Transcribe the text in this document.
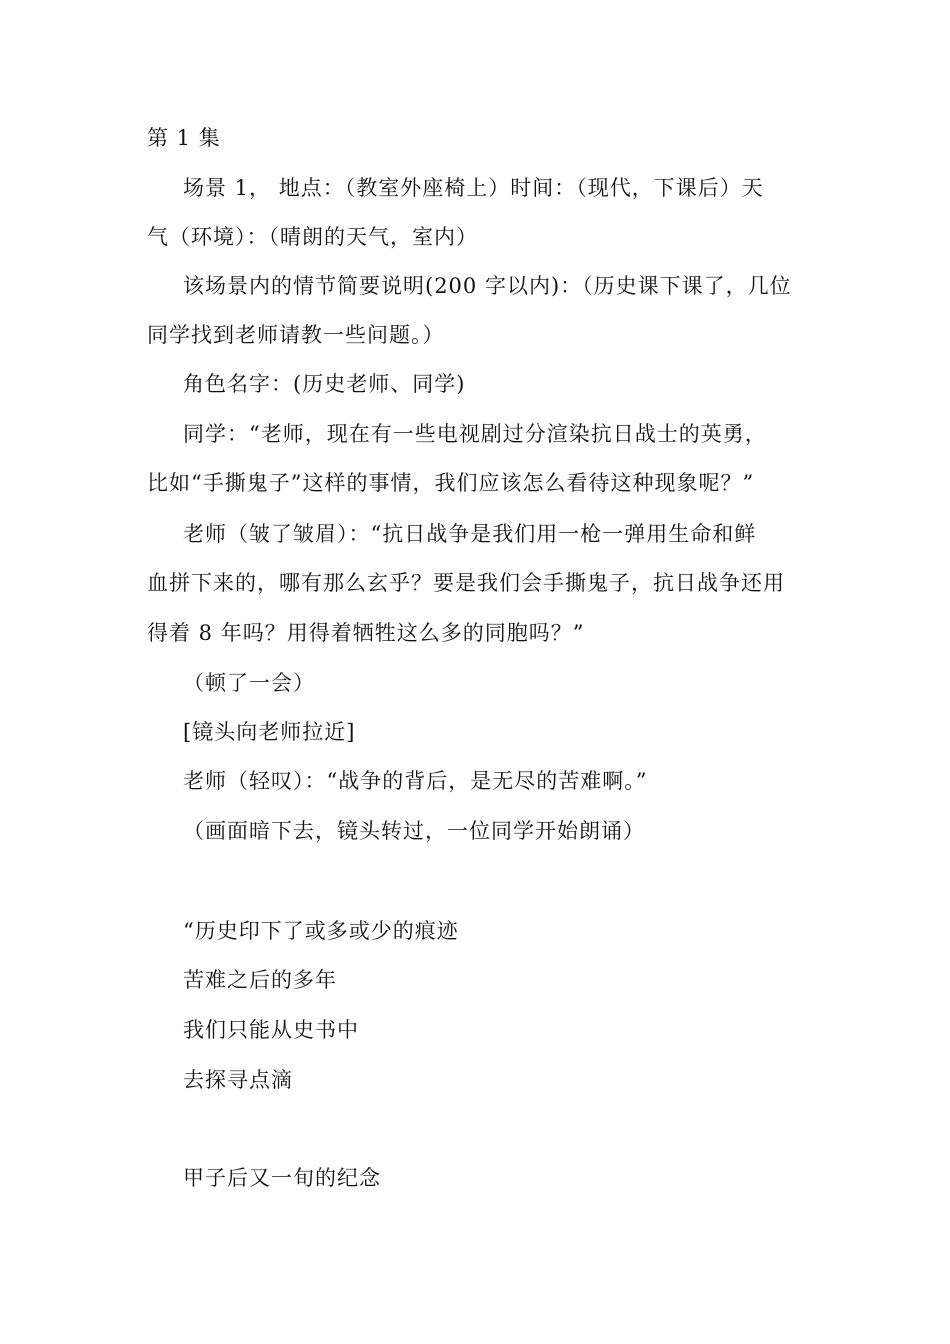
第 1 集
场景 1， 地点：（教室外座椅上）时间：（现代，下课后）天
气（环境）：（晴朗的天气，室内）
该场景内的情节简要说明(200 字以内)：（历史课下课了，几位
同学找到老师请教一些问题。）
角色名字：(历史老师、同学)
同学：“老师，现在有一些电视剧过分渲染抗日战士的英勇，
比如“手撕鬼子”这样的事情，我们应该怎么看待这种现象呢？”
老师（皱了皱眉）：“抗日战争是我们用一枪一弹用生命和鲜
血拼下来的，哪有那么玄乎？要是我们会手撕鬼子，抗日战争还用
得着 8 年吗？用得着牺牲这么多的同胞吗？”
（顿了一会）
[镜头向老师拉近]
老师（轻叹）：“战争的背后，是无尽的苦难啊。”
（画面暗下去，镜头转过，一位同学开始朗诵）
“历史印下了或多或少的痕迹
苦难之后的多年
我们只能从史书中
去探寻点滴
甲子后又一旬的纪念
